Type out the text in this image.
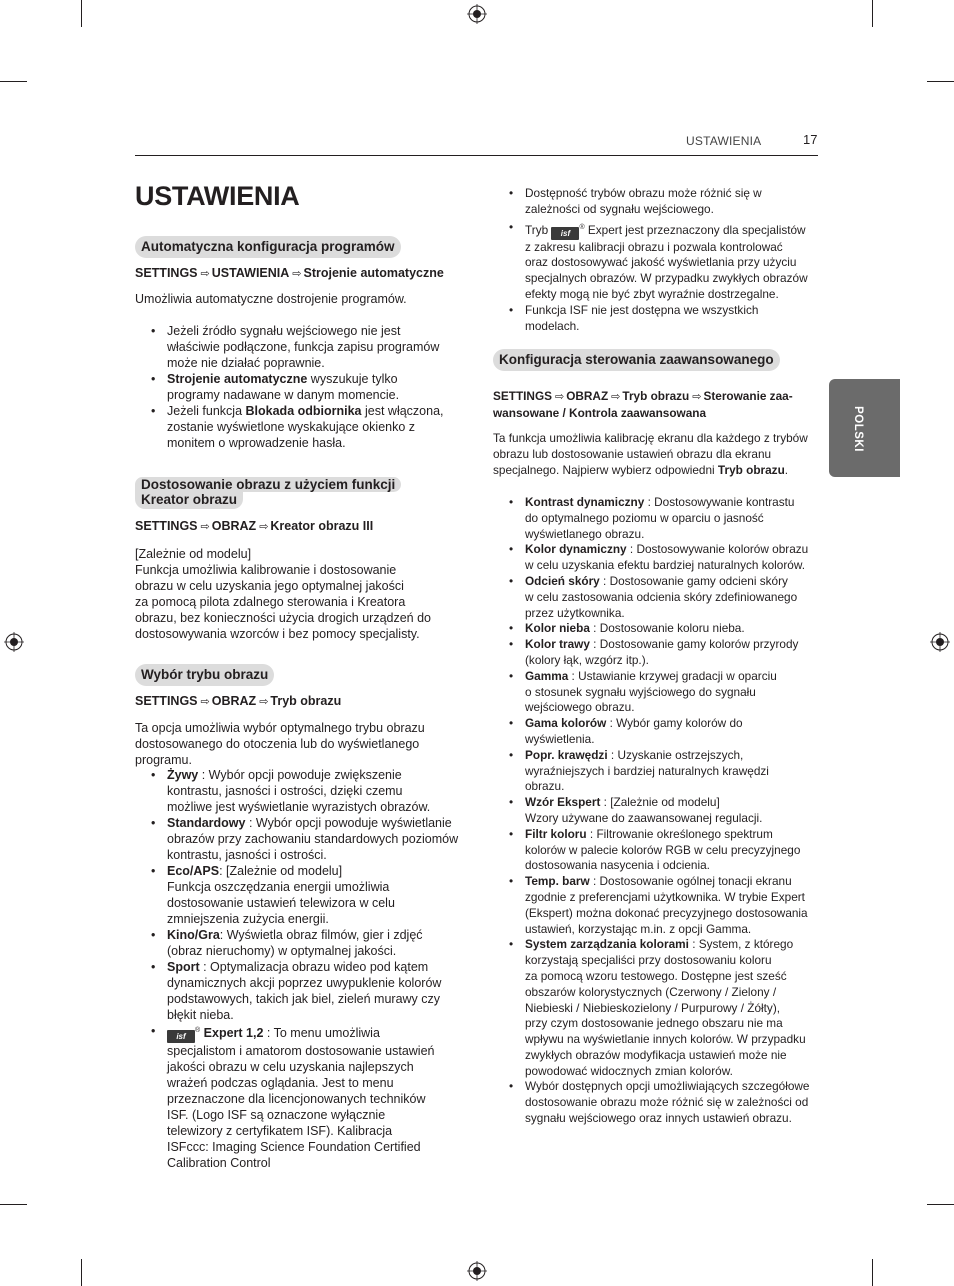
USTAWIENIA	17
USTAWIENIA
POLSKI
Automatyczna konfiguracja programów
SETTINGS ⇨ USTAWIENIA ⇨ Strojenie automatyczne
Umożliwia automatyczne dostrojenie programów.
• Jeżeli źródło sygnału wejściowego nie jest
właściwie podłączone, funkcja zapisu programów
może nie działać poprawnie.
• Strojenie automatyczne wyszukuje tylko
programy nadawane w danym momencie.
• Jeżeli funkcja Blokada odbiornika jest włączona,
zostanie wyświetlone wyskakujące okienko z
monitem o wprowadzenie hasła.
Dostosowanie obrazu z użyciem funkcji
Kreator obrazu
SETTINGS ⇨ OBRAZ ⇨ Kreator obrazu III
[Zależnie od modelu]
Funkcja umożliwia kalibrowanie i dostosowanie
obrazu w celu uzyskania jego optymalnej jakości
za pomocą pilota zdalnego sterowania i Kreatora
obrazu, bez konieczności użycia drogich urządzeń do
dostosowywania wzorców i bez pomocy specjalisty.
Wybór trybu obrazu
SETTINGS ⇨ OBRAZ ⇨ Tryb obrazu
Ta opcja umożliwia wybór optymalnego trybu obrazu
dostosowanego do otoczenia lub do wyświetlanego
programu.
• Żywy : Wybór opcji powoduje zwiększenie
kontrastu, jasności i ostrości, dzięki czemu
możliwe jest wyświetlanie wyrazistych obrazów.
• Standardowy : Wybór opcji powoduje wyświetlanie
obrazów przy zachowaniu standardowych poziomów
kontrastu, jasności i ostrości.
• Eco/APS: [Zależnie od modelu]
Funkcja oszczędzania energii umożliwia
dostosowanie ustawień telewizora w celu
zmniejszenia zużycia energii.
• Kino/Gra: Wyświetla obraz filmów, gier i zdjęć
(obraz nieruchomy) w optymalnej jakości.
• Sport : Optymalizacja obrazu wideo pod kątem
dynamicznych akcji poprzez uwypuklenie kolorów
podstawowych, takich jak biel, zieleń murawy czy
błękit nieba.
•	isf® Expert 1,2 : To menu umożliwia
specjalistom i amatorom dostosowanie ustawień
jakości obrazu w celu uzyskania najlepszych
wrażeń podczas oglądania. Jest to menu
przeznaczone dla licencjonowanych techników
ISF. (Logo ISF są oznaczone wyłącznie
telewizory z certyfikatem ISF). Kalibracja
ISFccc: Imaging Science Foundation Certified
Calibration Control
• Dostępność trybów obrazu może różnić się w
zależności od sygnału wejściowego.
• Tryb isf® Expert jest przeznaczony dla specjalistów
z zakresu kalibracji obrazu i pozwala kontrolować
oraz dostosowywać jakość wyświetlania przy użyciu
specjalnych obrazów. W przypadku zwykłych obrazów
efekty mogą nie być zbyt wyraźnie dostrzegalne.
• Funkcja ISF nie jest dostępna we wszystkich
modelach.
Konfiguracja sterowania zaawansowanego
SETTINGS ⇨ OBRAZ ⇨ Tryb obrazu ⇨ Sterowanie zaa-
wansowane / Kontrola zaawansowana
Ta funkcja umożliwia kalibrację ekranu dla każdego z trybów
obrazu lub dostosowanie ustawień obrazu dla ekranu
specjalnego. Najpierw wybierz odpowiedni Tryb obrazu.
• Kontrast dynamiczny : Dostosowywanie kontrastu
do optymalnego poziomu w oparciu o jasność
wyświetlanego obrazu.
• Kolor dynamiczny : Dostosowywanie kolorów obrazu
w celu uzyskania efektu bardziej naturalnych kolorów.
• Odcień skóry : Dostosowanie gamy odcieni skóry
w celu zastosowania odcienia skóry zdefiniowanego
przez użytkownika.
• Kolor nieba : Dostosowanie koloru nieba.
• Kolor trawy : Dostosowanie gamy kolorów przyrody
(kolory łąk, wzgórz itp.).
• Gamma : Ustawianie krzywej gradacji w oparciu
o stosunek sygnału wyjściowego do sygnału
wejściowego obrazu.
• Gama kolorów : Wybór gamy kolorów do
wyświetlenia.
• Popr. krawędzi : Uzyskanie ostrzejszych,
wyraźniejszych i bardziej naturalnych krawędzi
obrazu.
• Wzór Ekspert : [Zależnie od modelu]
Wzory używane do zaawansowanej regulacji.
• Filtr koloru : Filtrowanie określonego spektrum
kolorów w palecie kolorów RGB w celu precyzyjnego
dostosowania nasycenia i odcienia.
• Temp. barw : Dostosowanie ogólnej tonacji ekranu
zgodnie z preferencjami użytkownika. W trybie Expert
(Ekspert) można dokonać precyzyjnego dostosowania
ustawień, korzystając m.in. z opcji Gamma.
• System zarządzania kolorami : System, z którego
korzystają specjaliści przy dostosowaniu koloru
za pomocą wzoru testowego. Dostępne jest sześć
obszarów kolorystycznych (Czerwony / Zielony /
Niebieski / Niebieskozielony / Purpurowy / Żółty),
przy czym dostosowanie jednego obszaru nie ma
wpływu na wyświetlanie innych kolorów. W przypadku
zwykłych obrazów modyfikacja ustawień może nie
powodować widocznych zmian kolorów.
• Wybór dostępnych opcji umożliwiających szczegółowe
dostosowanie obrazu może różnić się w zależności od
sygnału wejściowego oraz innych ustawień obrazu.
